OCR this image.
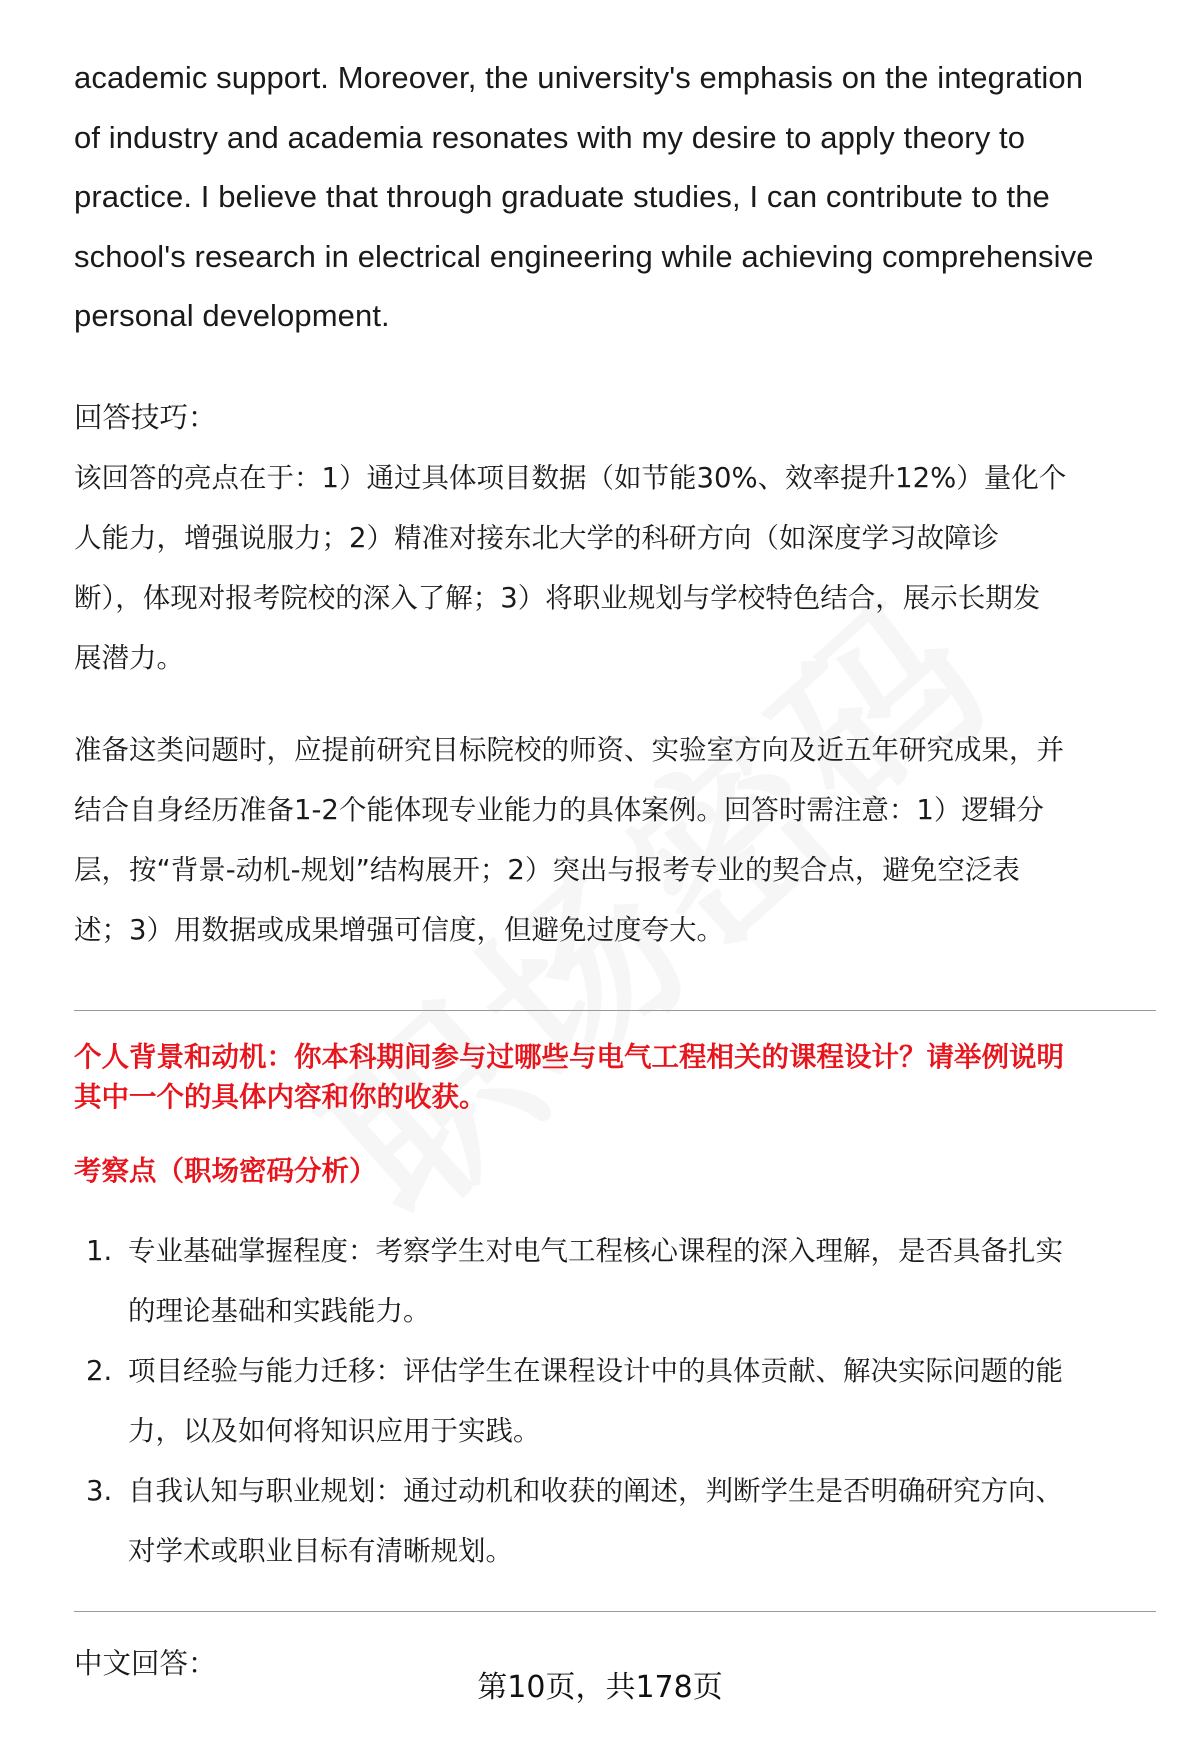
academic support. Moreover, the university's emphasis on the integration

of industry and academia resonates with my desire to apply theory to

practice. I believe that through graduate studies, I can contribute to the

school's research in electrical engineering while achieving comprehensive

personal development.

回答技巧：

该回答的亮点在于：1）通过具体项目数据（如节能30%、效率提升12%）量化个

人能力，增强说服力；2）精准对接东北大学的科研方向（如深度学习故障诊

断），体现对报考院校的深入了解；3）将职业规划与学校特色结合，展示长期发

展潜力。

准备这类问题时，应提前研究目标院校的师资、实验室方向及近五年研究成果，并

结合自身经历准备1-2个能体现专业能力的具体案例。回答时需注意：1）逻辑分

层，按“背景-动机-规划”结构展开；2）突出与报考专业的契合点，避免空泛表

述；3）用数据或成果增强可信度，但避免过度夸大。

个人背景和动机：你本科期间参与过哪些与电气工程相关的课程设计？请举例说明

其中一个的具体内容和你的收获。

考察点（职场密码分析）

1. 专业基础掌握程度：考察学生对电气工程核心课程的深入理解，是否具备扎实
的理论基础和实践能力。
2. 项目经验与能力迁移：评估学生在课程设计中的具体贡献、解决实际问题的能
力，以及如何将知识应用于实践。
3. 自我认知与职业规划：通过动机和收获的阐述，判断学生是否明确研究方向、
对学术或职业目标有清晰规划。

中文回答：

第10页，共178页
